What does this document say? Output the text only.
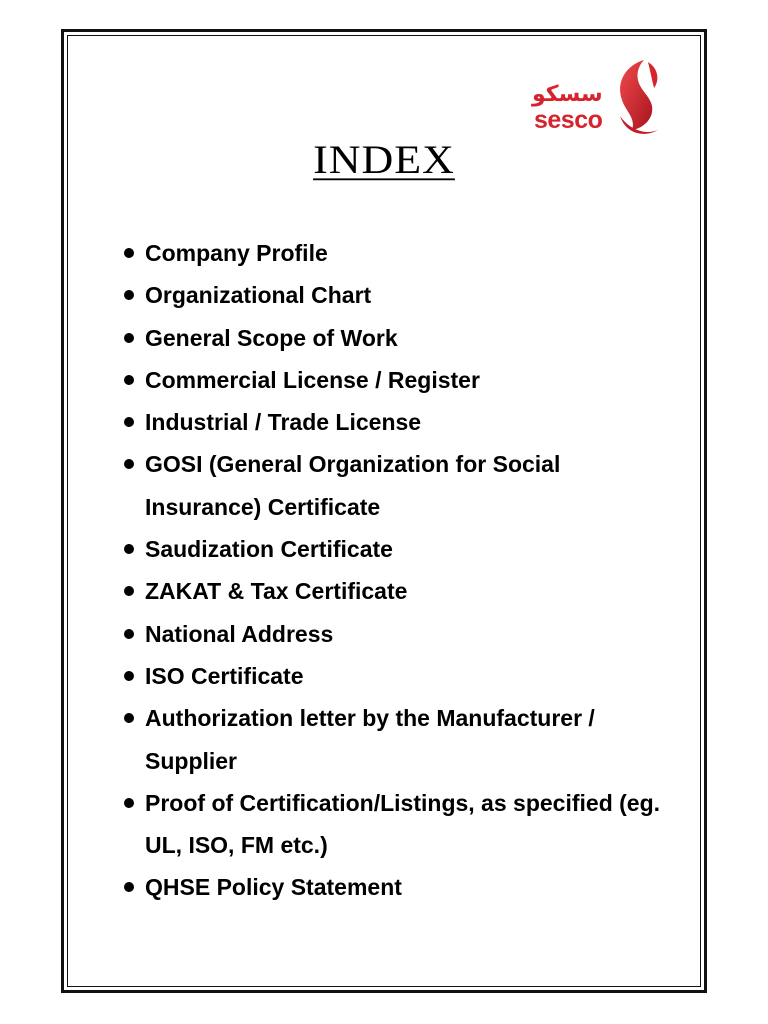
سسكو
sesco
INDEX
Company Profile
Organizational Chart
General Scope of Work
Commercial License / Register
Industrial / Trade License
GOSI (General Organization for Social Insurance) Certificate
Saudization Certificate
ZAKAT & Tax Certificate
National Address
ISO Certificate
Authorization letter by the Manufacturer / Supplier
Proof of Certification/Listings, as specified (eg. UL, ISO, FM etc.)
QHSE Policy Statement
